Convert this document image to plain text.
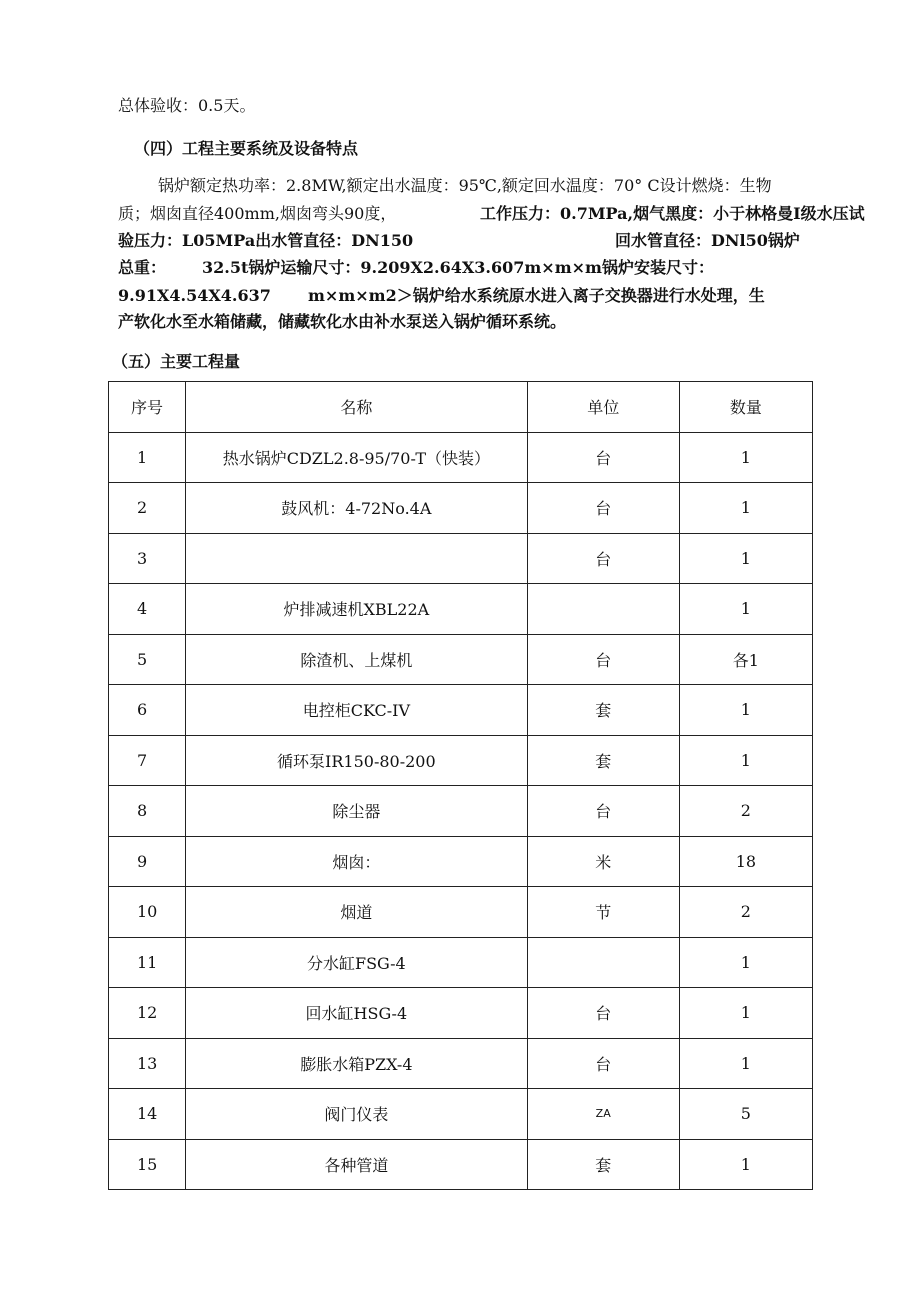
总体验收：0.5天。
（四）工程主要系统及设备特点
锅炉额定热功率：2.8MW,额定出水温度：95℃,额定回水温度：70° C设计燃烧：生物
质；烟囱直径400mm,烟囱弯头90度，	工作压力：0.7MPa,烟气黑度：小于林格曼I级水压试
验压力：L05MPa出水管直径：DN150	回水管直径：DNl50锅炉
总重： 32.5t锅炉运输尺寸：9.209X2.64X3.607m×m×m锅炉安装尺寸：
9.91X4.54X4.637 m×m×m2＞锅炉给水系统原水进入离子交换器进行水处理，生
产软化水至水箱储藏，储藏软化水由补水泵送入锅炉循环系统。
（五）主要工程量
序号	名称	单位	数量
1	热水锅炉CDZL2.8-95/70-T（快装）	台	1
2	鼓风机：4-72No.4A	台	1
3		台	1
4	炉排减速机XBL22A		1
5	除渣机、上煤机	台	各1
6	电控柜CKC-IV	套	1
7	循环泵IR150-80-200	套	1
8	除尘器	台	2
9	烟囱：	米	18
10	烟道	节	2
11	分水缸FSG-4		1
12	回水缸HSG-4	台	1
13	膨胀水箱PZX-4	台	1
14	阀门仪表	ZA	5
15	各种管道	套	1
